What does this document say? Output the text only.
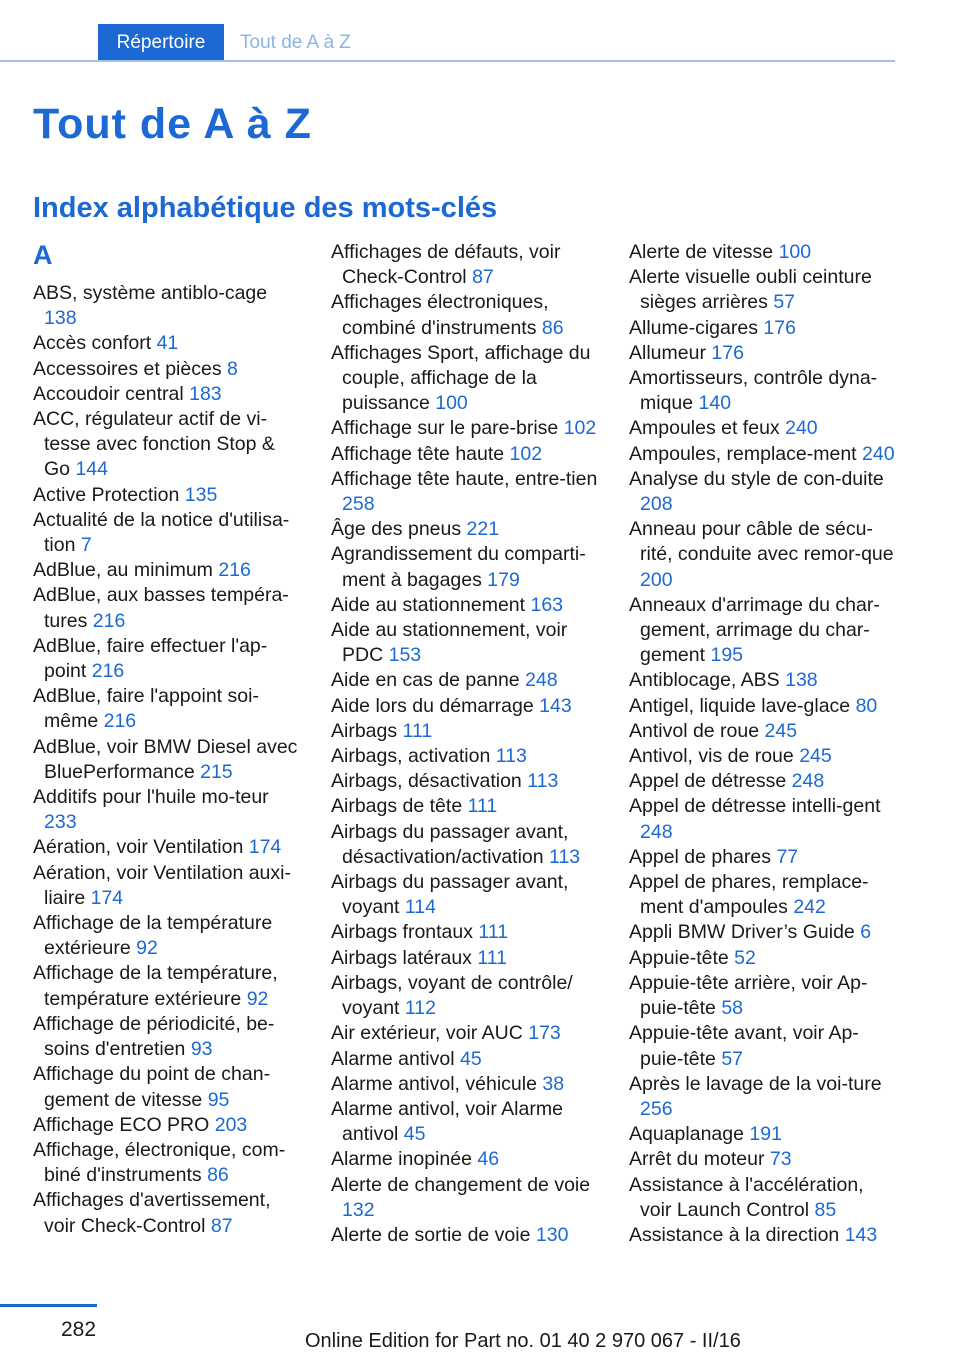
Répertoire	Tout de A à Z
Tout de A à Z
Index alphabétique des mots-clés
A
ABS, système antiblo-cage 138
Accès confort 41
Accessoires et pièces 8
Accoudoir central 183
ACC, régulateur actif de vi-tesse avec fonction Stop & Go 144
Active Protection 135
Actualité de la notice d'utilisa-tion 7
AdBlue, au minimum 216
AdBlue, aux basses tempéra-tures 216
AdBlue, faire effectuer l'ap-point 216
AdBlue, faire l'appoint soi-même 216
AdBlue, voir BMW Diesel avec BluePerformance 215
Additifs pour l'huile mo-teur 233
Aération, voir Ventilation 174
Aération, voir Ventilation auxi-liaire 174
Affichage de la température extérieure 92
Affichage de la température, température extérieure 92
Affichage de périodicité, be-soins d'entretien 93
Affichage du point de chan-gement de vitesse 95
Affichage ECO PRO 203
Affichage, électronique, com-biné d'instruments 86
Affichages d'avertissement, voir Check-Control 87
Affichages de défauts, voir Check-Control 87
Affichages électroniques, combiné d'instruments 86
Affichages Sport, affichage du couple, affichage de la puissance 100
Affichage sur le pare-brise 102
Affichage tête haute 102
Affichage tête haute, entre-tien 258
Âge des pneus 221
Agrandissement du comparti-ment à bagages 179
Aide au stationnement 163
Aide au stationnement, voir PDC 153
Aide en cas de panne 248
Aide lors du démarrage 143
Airbags 111
Airbags, activation 113
Airbags, désactivation 113
Airbags de tête 111
Airbags du passager avant, désactivation/activation 113
Airbags du passager avant, voyant 114
Airbags frontaux 111
Airbags latéraux 111
Airbags, voyant de contrôle/ voyant 112
Air extérieur, voir AUC 173
Alarme antivol 45
Alarme antivol, véhicule 38
Alarme antivol, voir Alarme antivol 45
Alarme inopinée 46
Alerte de changement de voie 132
Alerte de sortie de voie 130
Alerte de vitesse 100
Alerte visuelle oubli ceinture sièges arrières 57
Allume-cigares 176
Allumeur 176
Amortisseurs, contrôle dyna-mique 140
Ampoules et feux 240
Ampoules, remplace-ment 240
Analyse du style de con-duite 208
Anneau pour câble de sécu-rité, conduite avec remor-que 200
Anneaux d'arrimage du char-gement, arrimage du char-gement 195
Antiblocage, ABS 138
Antigel, liquide lave-glace 80
Antivol de roue 245
Antivol, vis de roue 245
Appel de détresse 248
Appel de détresse intelli-gent 248
Appel de phares 77
Appel de phares, remplace-ment d'ampoules 242
Appli BMW Driver’s Guide 6
Appuie-tête 52
Appuie-tête arrière, voir Ap-puie-tête 58
Appuie-tête avant, voir Ap-puie-tête 57
Après le lavage de la voi-ture 256
Aquaplanage 191
Arrêt du moteur 73
Assistance à l'accélération, voir Launch Control 85
Assistance à la direction 143
282	Online Edition for Part no. 01 40 2 970 067 - II/16
